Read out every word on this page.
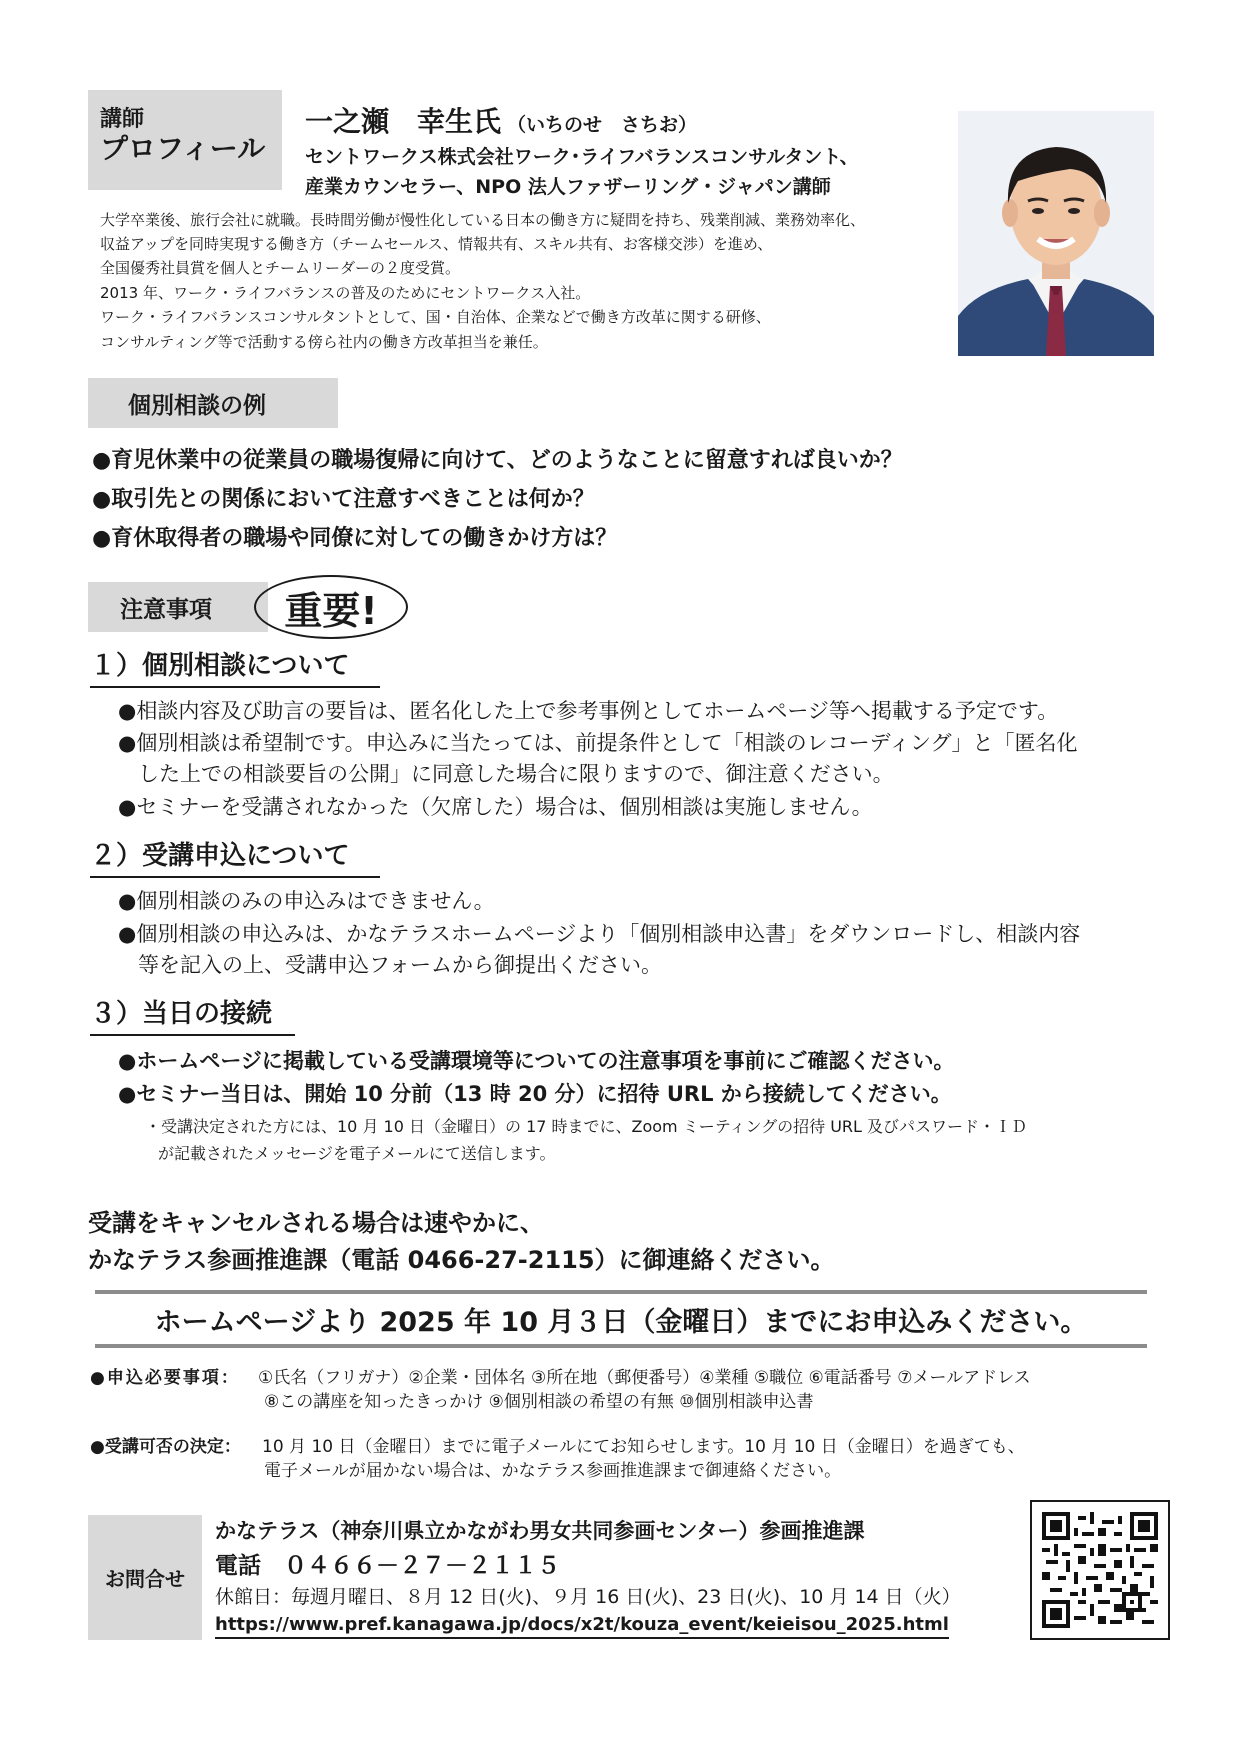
講師
プロフィール
一之瀬　幸生氏 （いちのせ　さちお）
セントワークス株式会社ワーク･ライフバランスコンサルタント、
産業カウンセラー、NPO 法人ファザーリング・ジャパン講師
大学卒業後、旅行会社に就職。長時間労働が慢性化している日本の働き方に疑問を持ち、残業削減、業務効率化、
収益アップを同時実現する働き方（チームセールス、情報共有、スキル共有、お客様交渉）を進め、
全国優秀社員賞を個人とチームリーダーの２度受賞。
2013 年、ワーク・ライフバランスの普及のためにセントワークス入社。
ワーク・ライフバランスコンサルタントとして、国・自治体、企業などで働き方改革に関する研修、
コンサルティング等で活動する傍ら社内の働き方改革担当を兼任。
個別相談の例
●育児休業中の従業員の職場復帰に向けて、どのようなことに留意すれば良いか？
●取引先との関係において注意すべきことは何か？
●育休取得者の職場や同僚に対しての働きかけ方は？
注意事項	重要!
１）個別相談について
●相談内容及び助言の要旨は、匿名化した上で参考事例としてホームページ等へ掲載する予定です。
●個別相談は希望制です。申込みに当たっては、前提条件として「相談のレコーディング」と「匿名化
した上での相談要旨の公開」に同意した場合に限りますので、御注意ください。
●セミナーを受講されなかった（欠席した）場合は、個別相談は実施しません。
２）受講申込について
●個別相談のみの申込みはできません。
●個別相談の申込みは、かなテラスホームページより「個別相談申込書」をダウンロードし、相談内容
等を記入の上、受講申込フォームから御提出ください。
３）当日の接続
●ホームページに掲載している受講環境等についての注意事項を事前にご確認ください。
●セミナー当日は、開始 10 分前（13 時 20 分）に招待 URL から接続してください。
・受講決定された方には、10 月 10 日（金曜日）の 17 時までに、Zoom ミーティングの招待 URL 及びパスワード・ＩＤ
が記載されたメッセージを電子メールにて送信します。
受講をキャンセルされる場合は速やかに、
かなテラス参画推進課（電話 0466-27-2115）に御連絡ください。
ホームページより 2025 年 10 月３日（金曜日）までにお申込みください。
●申込必要事項： ①氏名（フリガナ）②企業・団体名 ③所在地（郵便番号）④業種 ⑤職位 ⑥電話番号 ⑦メールアドレス
⑧この講座を知ったきっかけ ⑨個別相談の希望の有無 ⑩個別相談申込書
●受講可否の決定： 10 月 10 日（金曜日）までに電子メールにてお知らせします。10 月 10 日（金曜日）を過ぎても、
電子メールが届かない場合は、かなテラス参画推進課まで御連絡ください。
お問合せ
かなテラス（神奈川県立かながわ男女共同参画センター）参画推進課
電話　０４６６－２７－２１１５
休館日：毎週月曜日、８月 12 日(火)、９月 16 日(火)、23 日(火)、10 月 14 日（火）
https://www.pref.kanagawa.jp/docs/x2t/kouza_event/keieisou_2025.html
